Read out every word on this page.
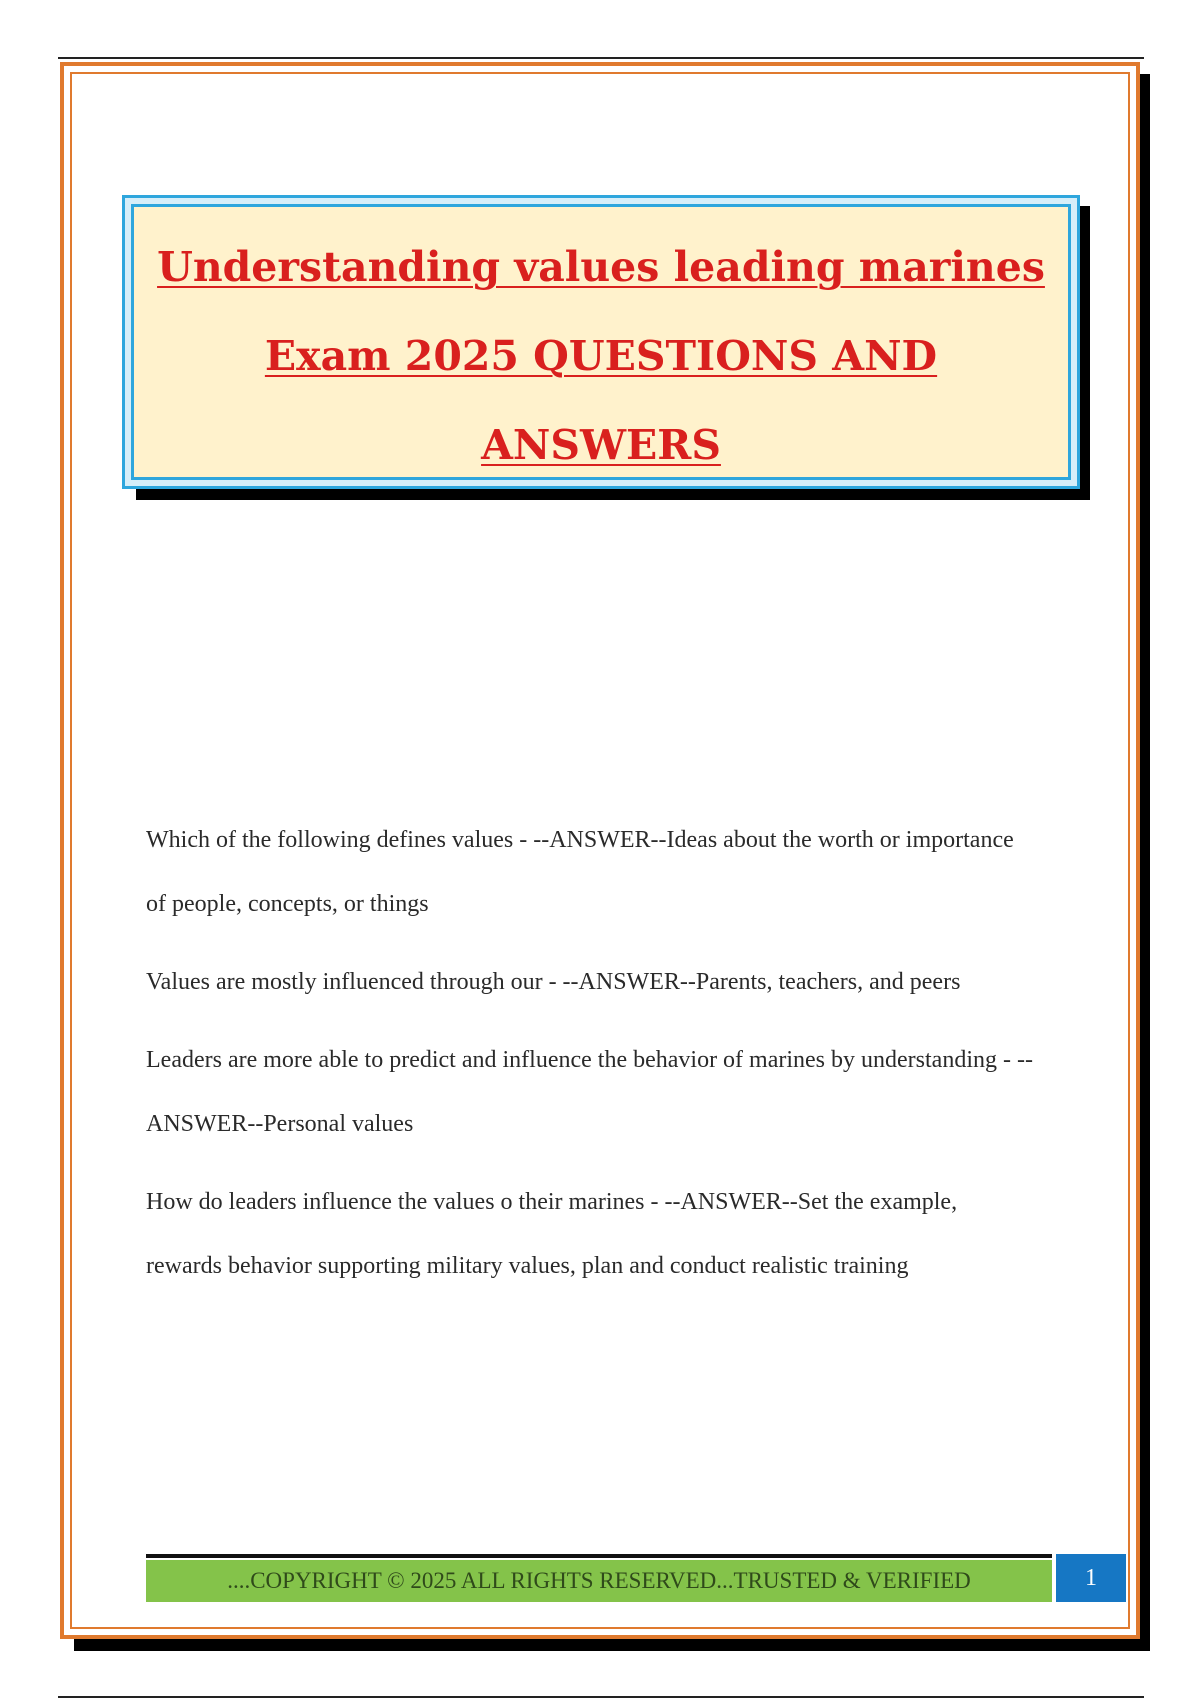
Understanding values leading marines Exam 2025 QUESTIONS AND ANSWERS

Which of the following defines values - --ANSWER--Ideas about the worth or importance of people, concepts, or things

Values are mostly influenced through our - --ANSWER--Parents, teachers, and peers

Leaders are more able to predict and influence the behavior of marines by understanding - --ANSWER--Personal values

How do leaders influence the values o their marines - --ANSWER--Set the example, rewards behavior supporting military values, plan and conduct realistic training

....COPYRIGHT © 2025 ALL RIGHTS RESERVED...TRUSTED & VERIFIED	1
